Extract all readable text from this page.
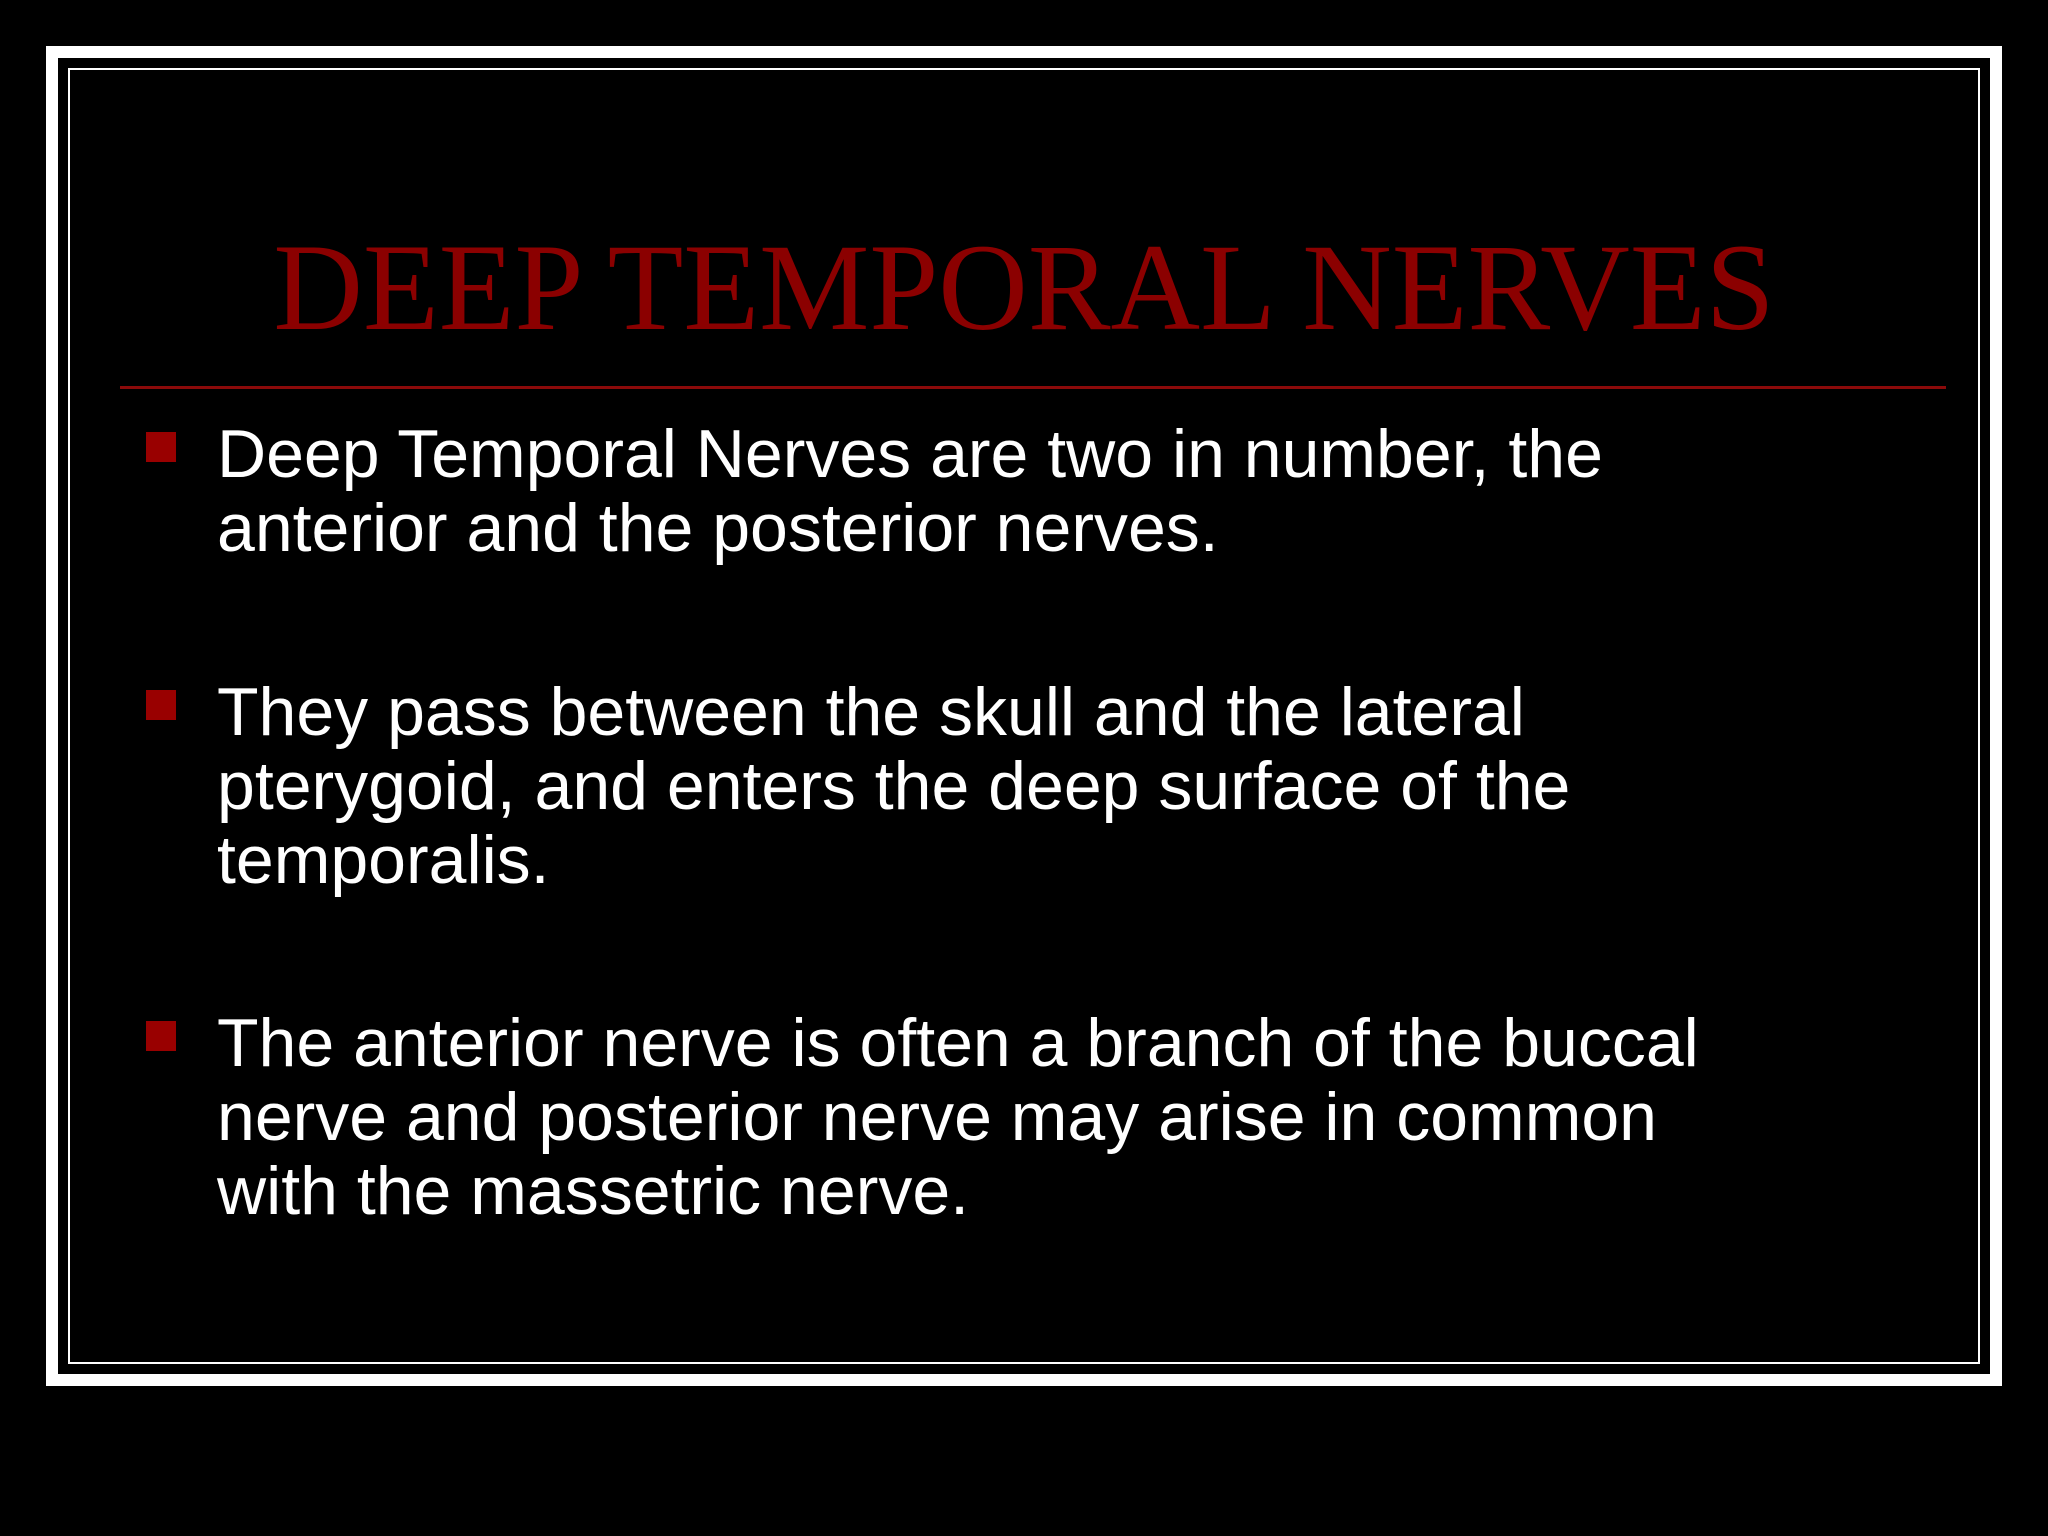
DEEP TEMPORAL NERVES
Deep Temporal Nerves are two in number, the
anterior and the posterior nerves.
They pass between the skull and the lateral
pterygoid, and enters the deep surface of the
temporalis.
The anterior nerve is often a branch of the buccal
nerve and posterior nerve may arise in common
with the massetric nerve.
